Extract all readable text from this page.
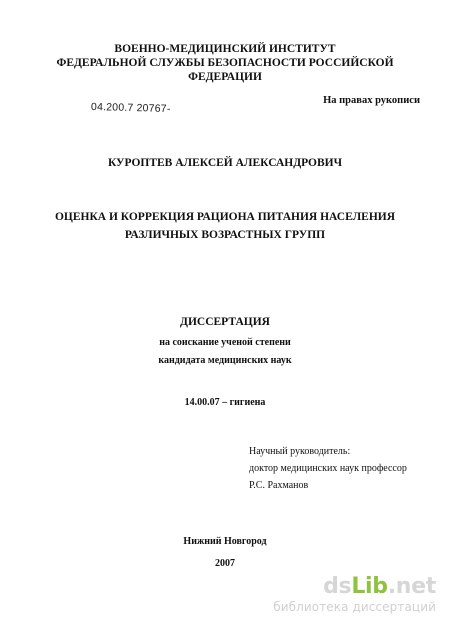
ВОЕННО-МЕДИЦИНСКИЙ ИНСТИТУТ
ФЕДЕРАЛЬНОЙ СЛУЖБЫ БЕЗОПАСНОСТИ РОССИЙСКОЙ
ФЕДЕРАЦИИ
На правах рукописи
04.200.7 20767-
КУРОПТЕВ АЛЕКСЕЙ АЛЕКСАНДРОВИЧ
ОЦЕНКА И КОРРЕКЦИЯ РАЦИОНА ПИТАНИЯ НАСЕЛЕНИЯ
РАЗЛИЧНЫХ ВОЗРАСТНЫХ ГРУПП
ДИССЕРТАЦИЯ
на соискание ученой степени
кандидата медицинских наук
14.00.07 – гигиена
Научный руководитель:
доктор медицинских наук профессор
Р.С. Рахманов
Нижний Новгород
2007
dsLib.net
библиотека диссертаций
